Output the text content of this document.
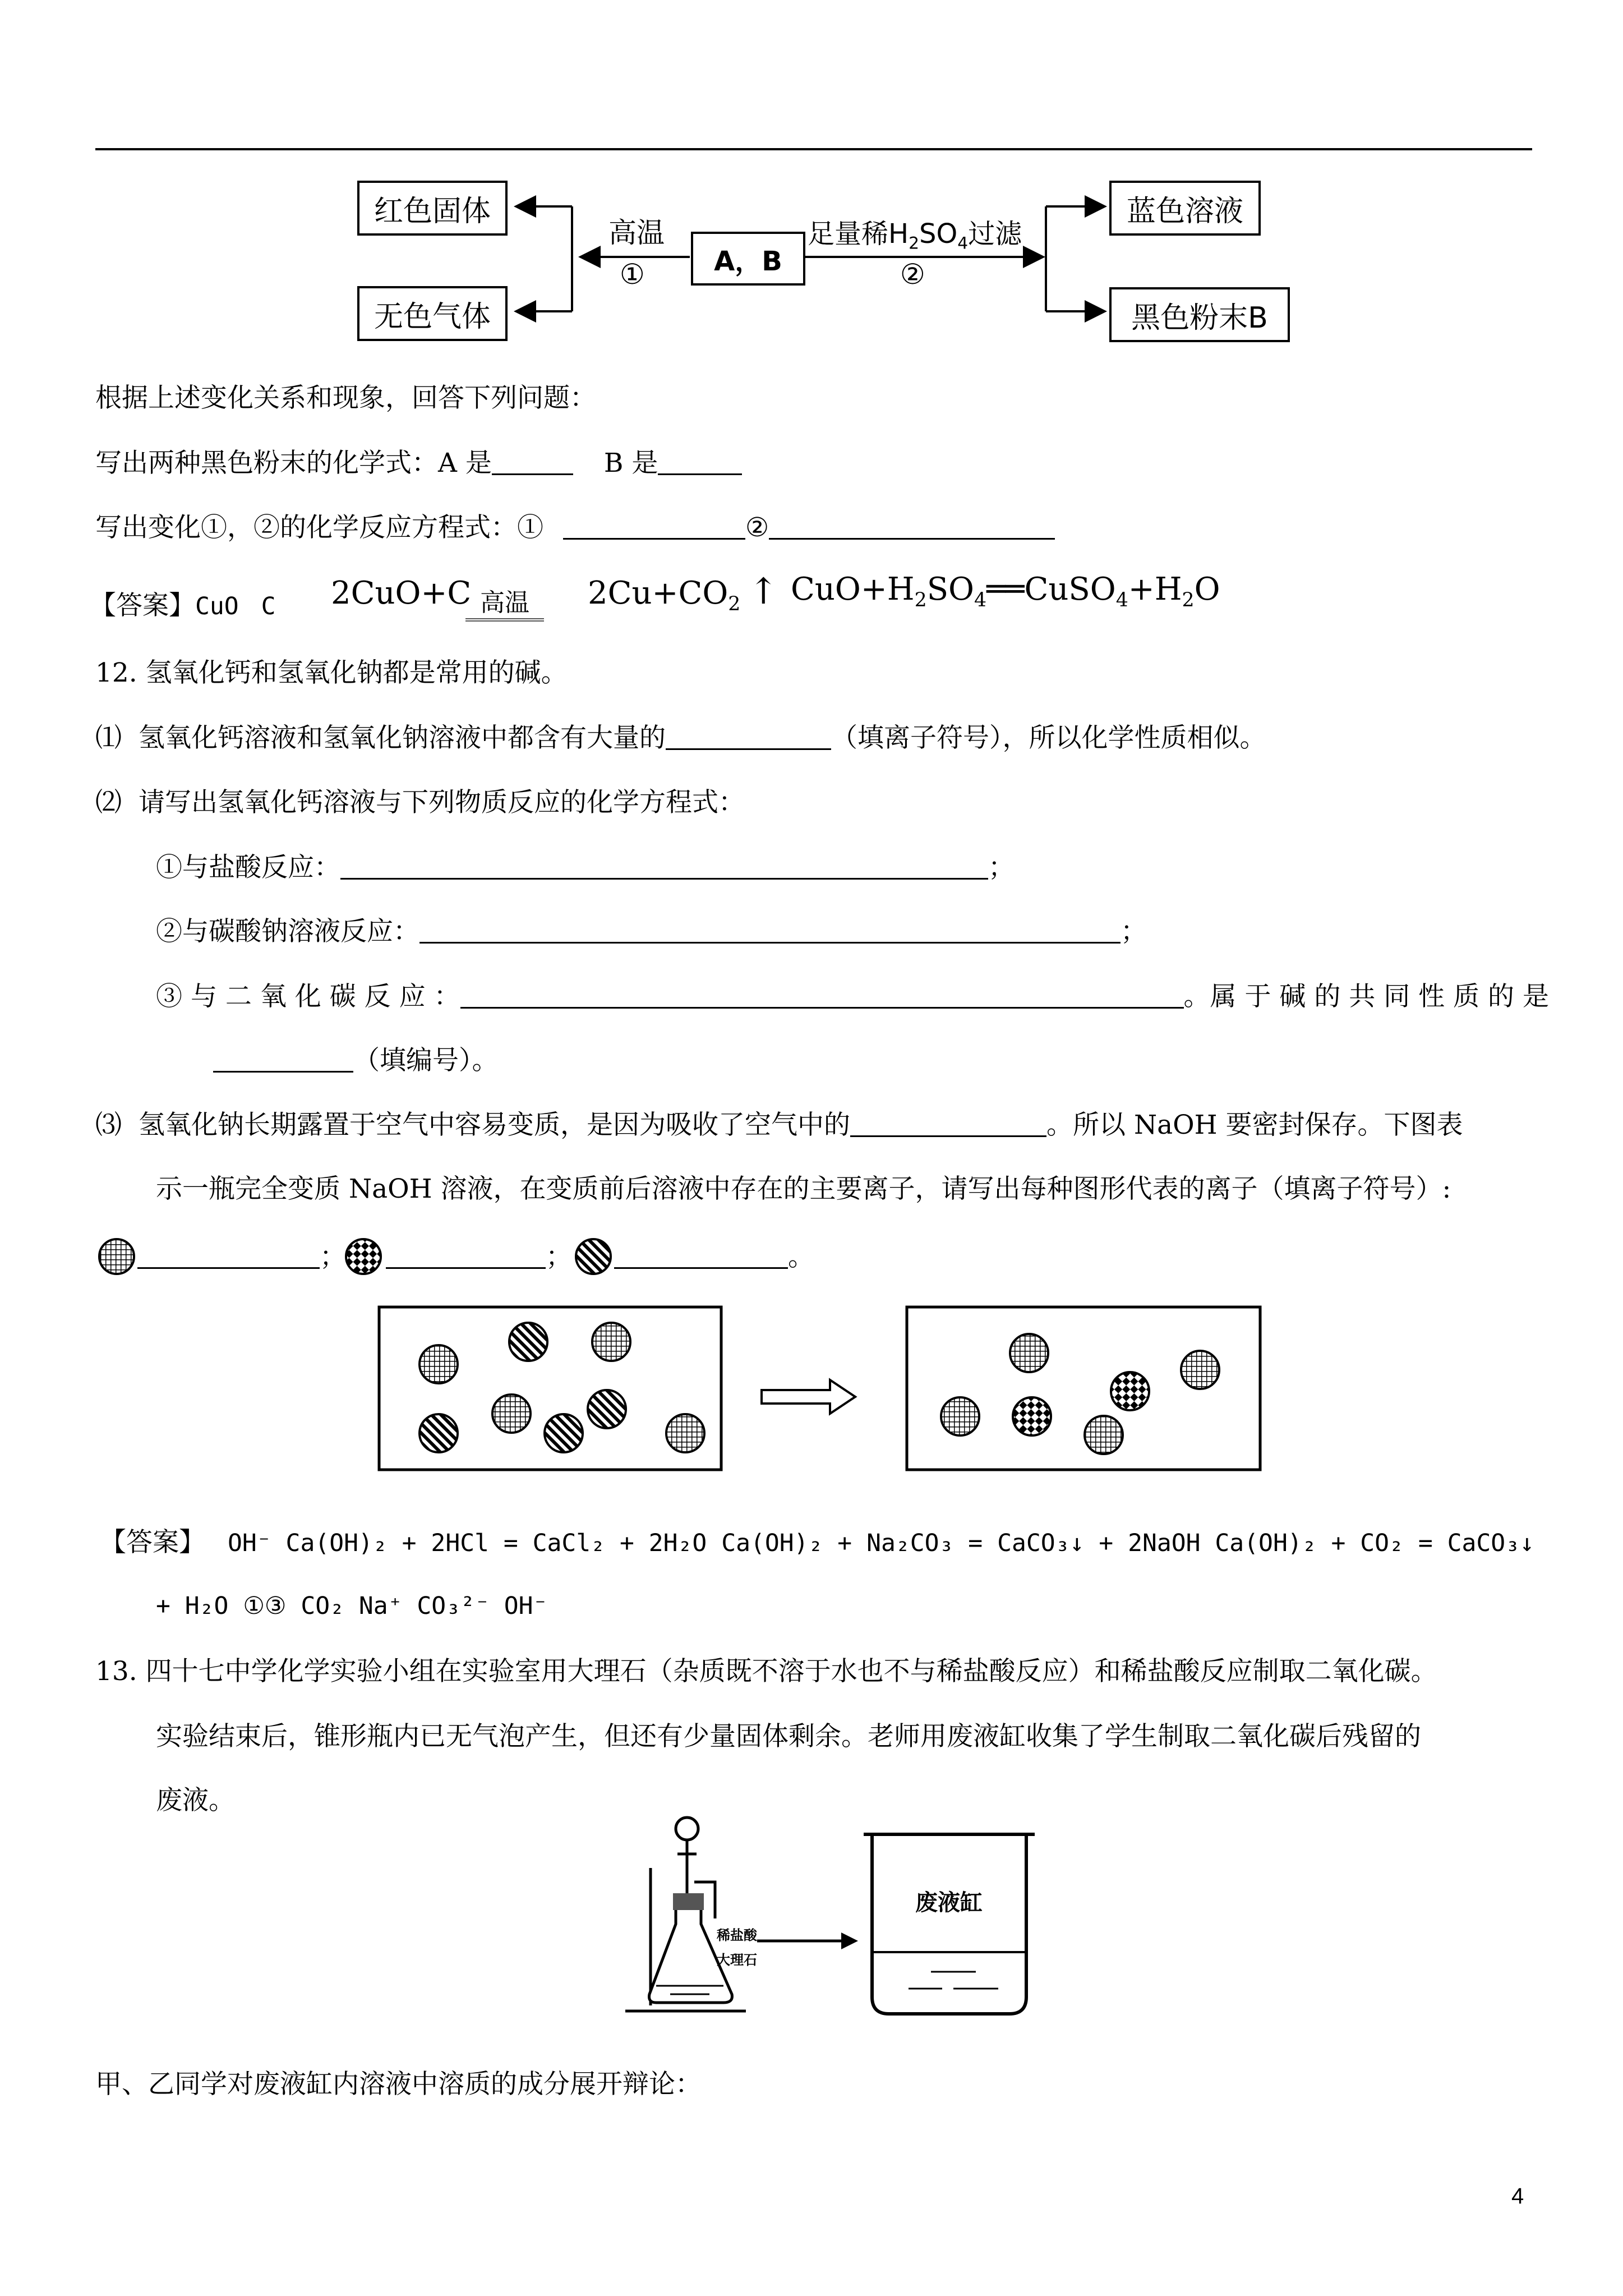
红色固体
无色气体
A，B
蓝色溶液
黑色粉末B
高温
①
足量稀$H_2SO_4$过滤
②
根据上述变化关系和现象，回答下列问题：
写出两种黑色粉末的化学式：A 是	B 是
写出变化①，②的化学反应方程式：①	②
【答案】CuO C 2CuO+C 高温	$2Cu+CO_2$ ↑ $CuO+H_2SO_4══CuSO_4+H_2O$
12. 氢氧化钙和氢氧化钠都是常用的碱。
⑴ 氢氧化钙溶液和氢氧化钠溶液中都含有大量的	（填离子符号），所以化学性质相似。
⑵ 请写出氢氧化钙溶液与下列物质反应的化学方程式：
①与盐酸反应：	；
②与碳酸钠溶液反应：	；
③ 与 二 氧 化 碳 反 应 ：	。属 于 碱 的 共 同 性 质 的 是
（填编号）。
⑶ 氢氧化钠长期露置于空气中容易变质，是因为吸收了空气中的	。所以 NaOH 要密封保存。下图表
示一瓶完全变质 NaOH 溶液，在变质前后溶液中存在的主要离子，请写出每种图形代表的离子（填离子符号）:
；	；	。
【答案】 OH⁻ Ca(OH)₂ + 2HCl = CaCl₂ + 2H₂O Ca(OH)₂ + Na₂CO₃ = CaCO₃↓ + 2NaOH Ca(OH)₂ + CO₂ = CaCO₃↓
+ H₂O ①③ CO₂ Na⁺ CO₃²⁻ OH⁻
13. 四十七中学化学实验小组在实验室用大理石（杂质既不溶于水也不与稀盐酸反应）和稀盐酸反应制取二氧化碳。
实验结束后，锥形瓶内已无气泡产生，但还有少量固体剩余。老师用废液缸收集了学生制取二氧化碳后残留的
废液。
稀盐酸
大理石
废液缸
甲、乙同学对废液缸内溶液中溶质的成分展开辩论：
4
